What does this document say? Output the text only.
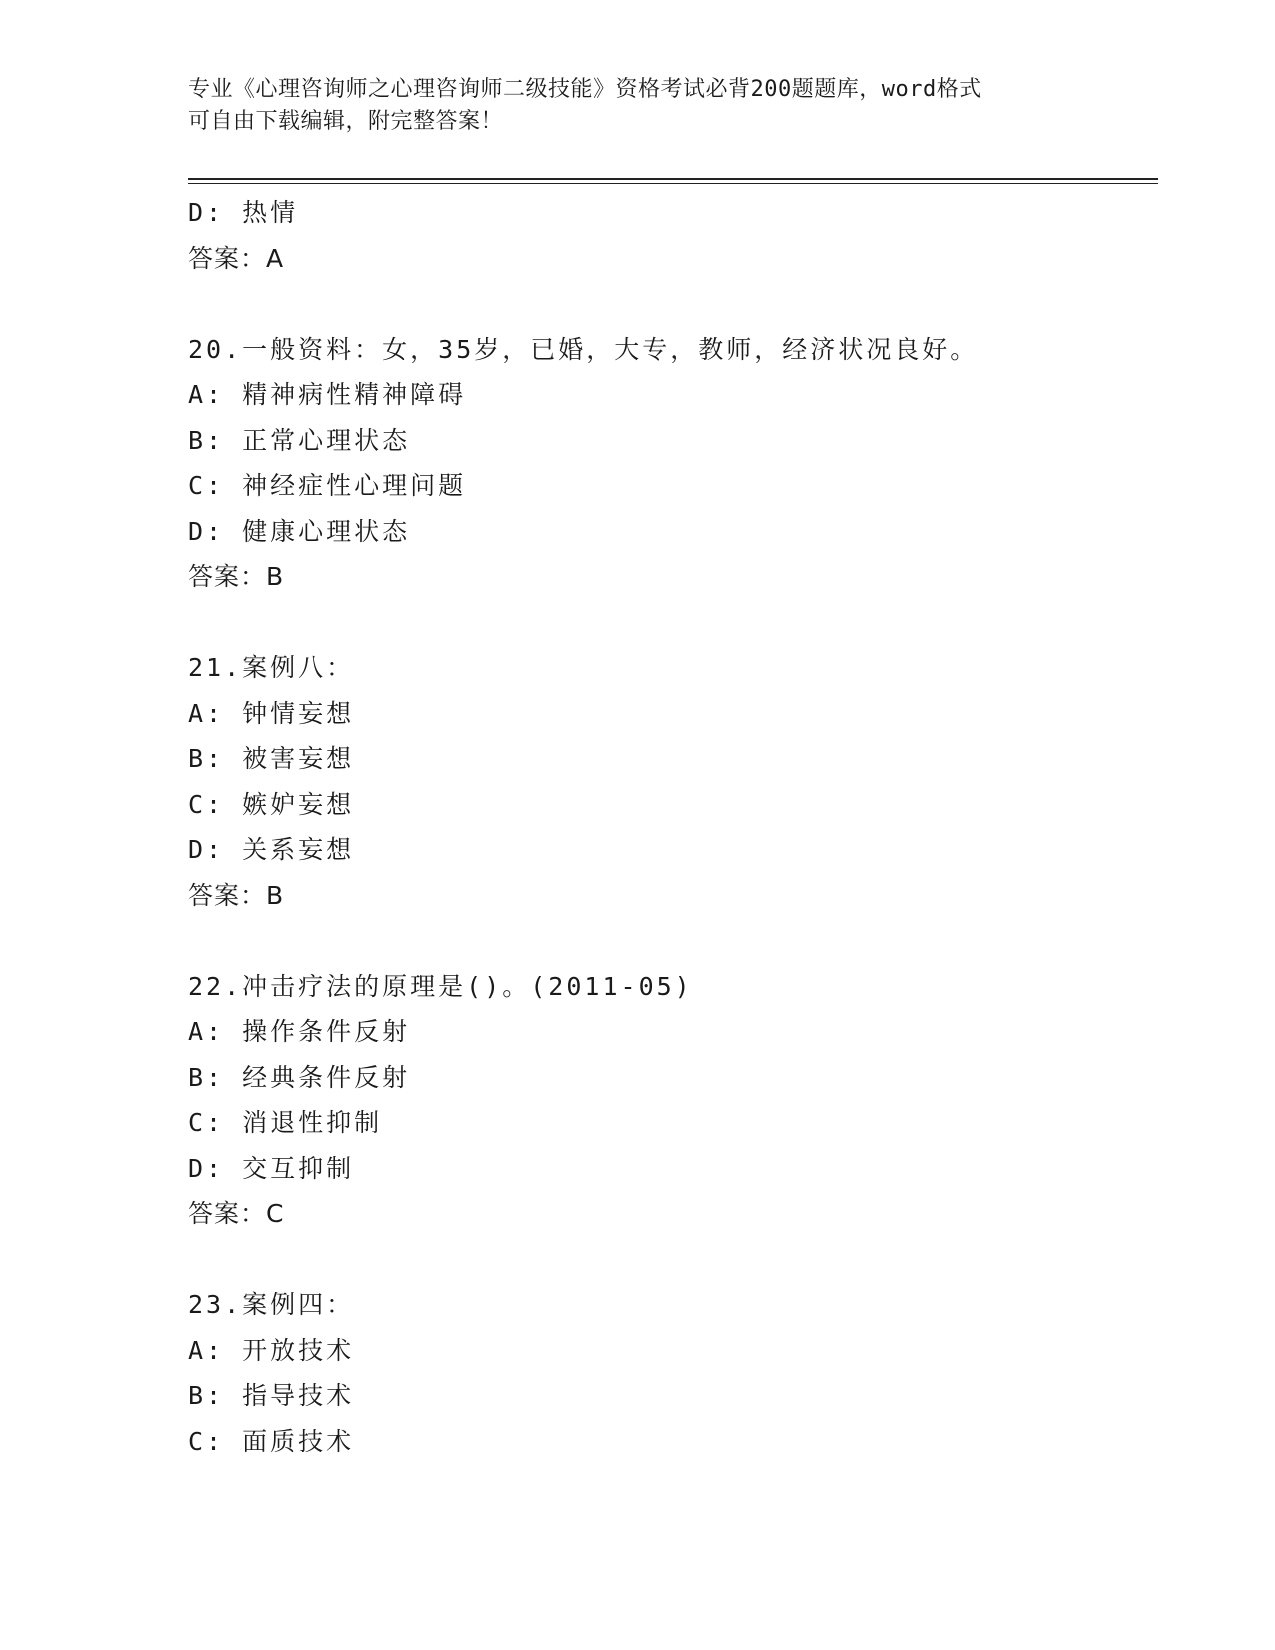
专业《心理咨询师之心理咨询师二级技能》资格考试必背200题题库，word格式
可自由下载编辑，附完整答案！
D: 热情
答案：A
20.一般资料：女，35岁，已婚，大专，教师，经济状况良好。
A: 精神病性精神障碍
B: 正常心理状态
C: 神经症性心理问题
D: 健康心理状态
答案：B
21.案例八：
A: 钟情妄想
B: 被害妄想
C: 嫉妒妄想
D: 关系妄想
答案：B
22.冲击疗法的原理是()。(2011-05)
A: 操作条件反射
B: 经典条件反射
C: 消退性抑制
D: 交互抑制
答案：C
23.案例四：
A: 开放技术
B: 指导技术
C: 面质技术
